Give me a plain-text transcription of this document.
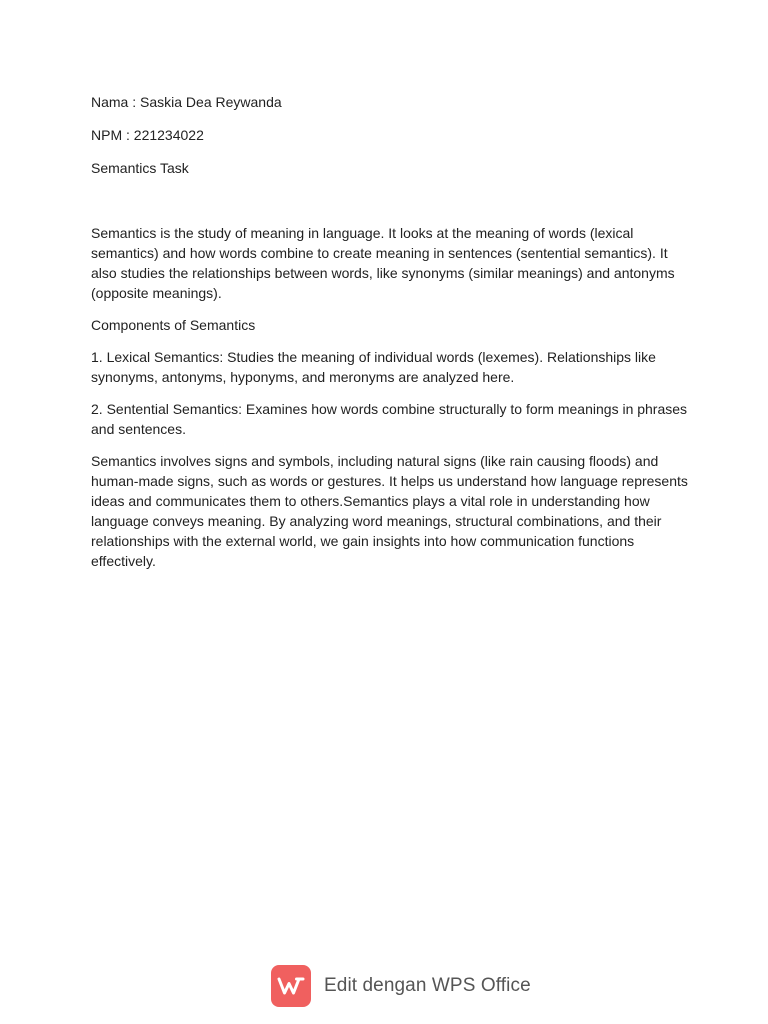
Nama : Saskia Dea Reywanda

NPM : 221234022

Semantics Task

Semantics is the study of meaning in language. It looks at the meaning of words (lexical semantics) and how words combine to create meaning in sentences (sentential semantics). It also studies the relationships between words, like synonyms (similar meanings) and antonyms (opposite meanings).

Components of Semantics

1. Lexical Semantics: Studies the meaning of individual words (lexemes). Relationships like synonyms, antonyms, hyponyms, and meronyms are analyzed here.

2. Sentential Semantics: Examines how words combine structurally to form meanings in phrases and sentences.

Semantics involves signs and symbols, including natural signs (like rain causing floods) and human-made signs, such as words or gestures. It helps us understand how language represents ideas and communicates them to others.Semantics plays a vital role in understanding how language conveys meaning. By analyzing word meanings, structural combinations, and their relationships with the external world, we gain insights into how communication functions effectively.

Edit dengan WPS Office
